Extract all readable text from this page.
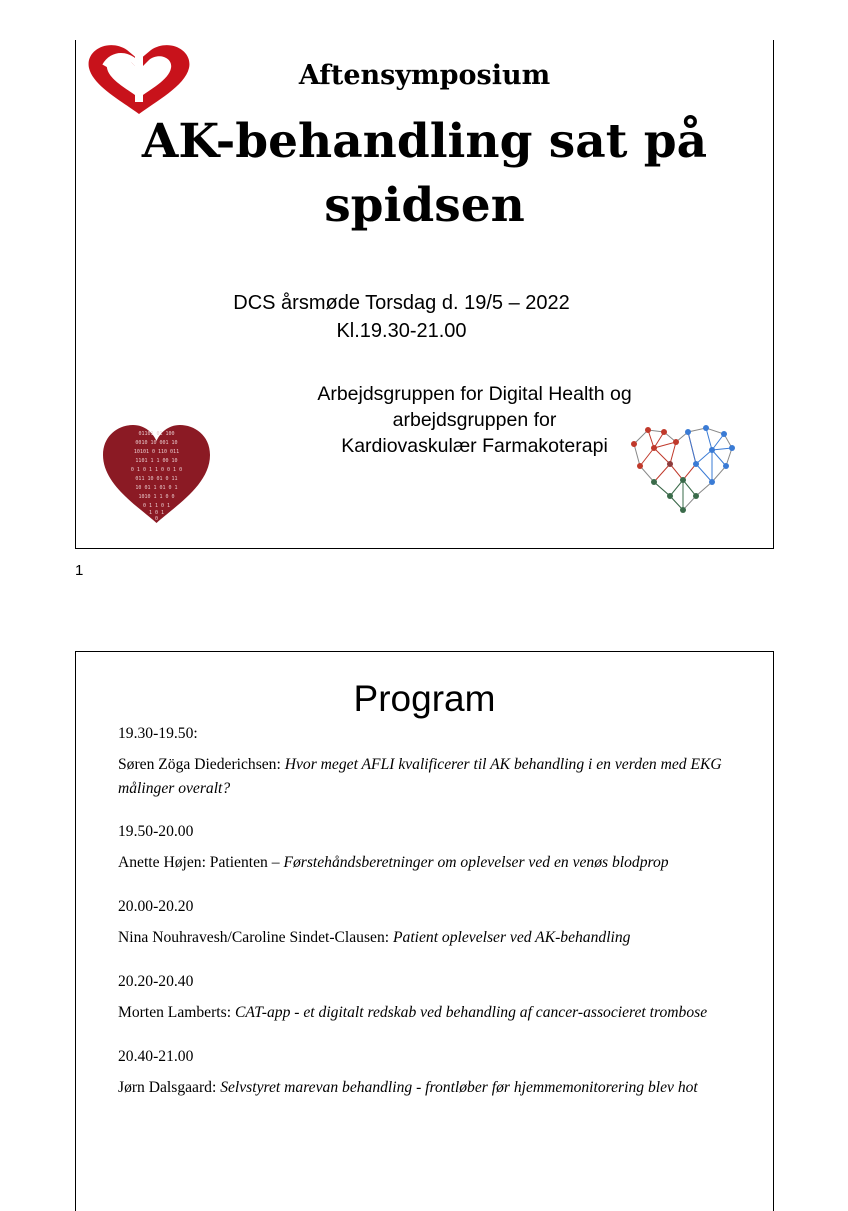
Aftensymposium
AK-behandling sat på spidsen
DCS årsmøde Torsdag d. 19/5 – 2022
Kl.19.30-21.00
Arbejdsgruppen for Digital Health og
arbejdsgruppen for
Kardiovaskulær Farmakoterapi
01101 01 100
0010 10 001 10
10101 0 110 011
1101 1 1 00 10
0 1 0 1 1 0 0 1 0
011 10 01 0 11
10 01 1 01 0 1
1010 1 1 0 0
0 1 1 0 1
1 0 1
0
1
Program
19.30-19.50:
Søren Zöga Diederichsen: Hvor meget AFLI kvalificerer til AK behandling i en verden med EKG målinger overalt?
19.50-20.00
Anette Højen: Patienten – Førstehåndsberetninger om oplevelser ved en venøs blodprop
20.00-20.20
Nina Nouhravesh/Caroline Sindet-Clausen: Patient oplevelser ved AK-behandling
20.20-20.40
Morten Lamberts: CAT-app - et digitalt redskab ved behandling af cancer-associeret trombose
20.40-21.00
Jørn Dalsgaard: Selvstyret marevan behandling - frontløber før hjemmemonitorering blev hot
